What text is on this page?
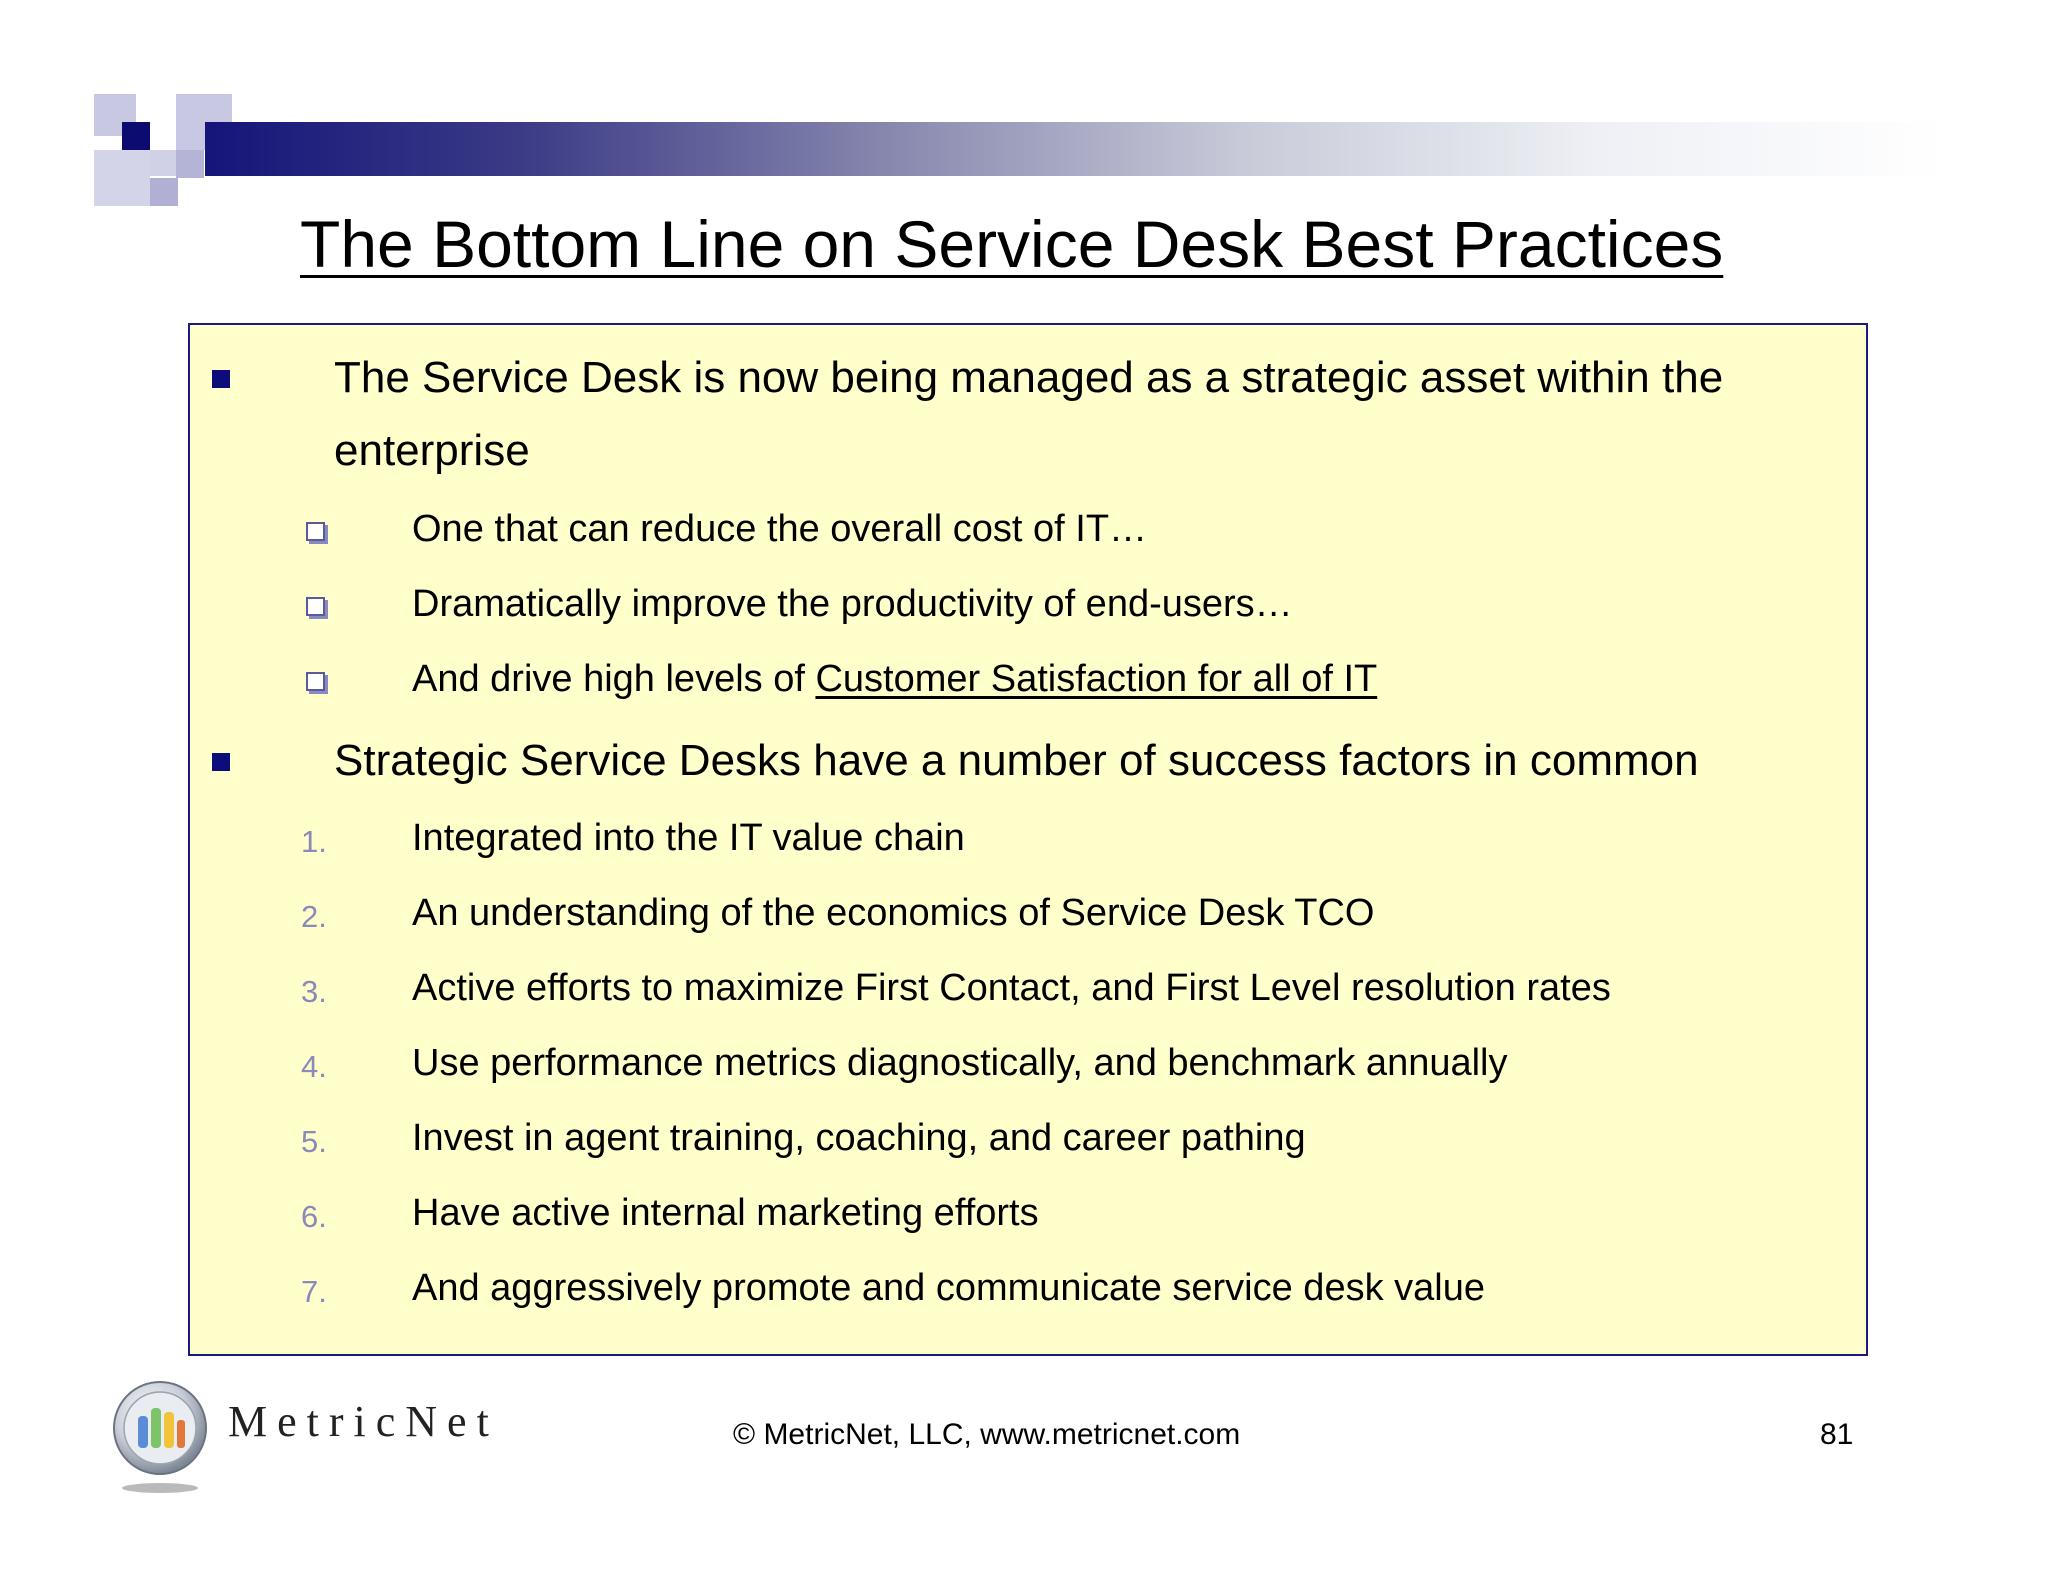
The Bottom Line on Service Desk Best Practices
The Service Desk is now being managed as a strategic asset within the
enterprise
One that can reduce the overall cost of IT…
Dramatically improve the productivity of end-users…
And drive high levels of Customer Satisfaction for all of IT
Strategic Service Desks have a number of success factors in common
1. Integrated into the IT value chain
2. An understanding of the economics of Service Desk TCO
3. Active efforts to maximize First Contact, and First Level resolution rates
4. Use performance metrics diagnostically, and benchmark annually
5. Invest in agent training, coaching, and career pathing
6. Have active internal marketing efforts
7. And aggressively promote and communicate service desk value
MetricNet	© MetricNet, LLC, www.metricnet.com	81
